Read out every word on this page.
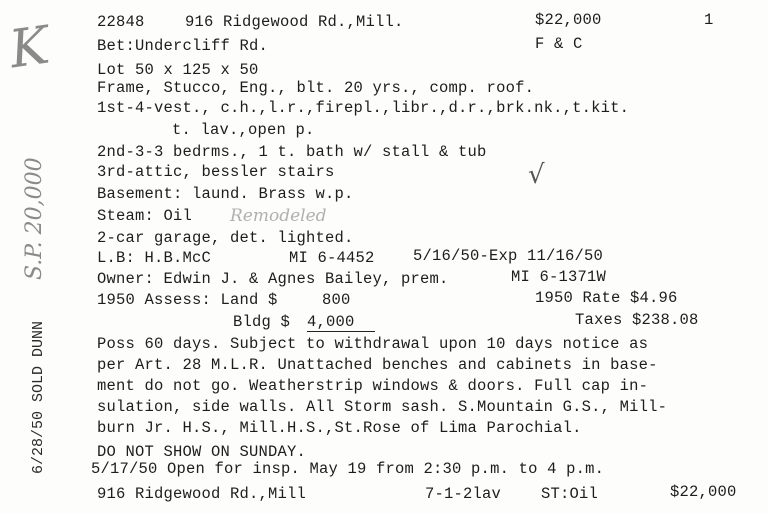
22848	916 Ridgewood Rd.,Mill.	$22,000	1
Bet:Undercliff Rd.	F & C
Lot 50 x 125 x 50
Frame, Stucco, Eng., blt. 20 yrs., comp. roof.
1st-4-vest., c.h.,l.r.,firepl.,libr.,d.r.,brk.nk.,t.kit.
t. lav.,open p.
2nd-3-3 bedrms., 1 t. bath w/ stall & tub
3rd-attic, bessler stairs
Basement: laund. Brass w.p.
Steam: Oil
2-car garage, det. lighted.
L.B: H.B.McC	MI 6-4452 5/16/50-Exp 11/16/50
Owner: Edwin J. & Agnes Bailey, prem.	MI 6-1371W
1950 Assess: Land $	800	1950 Rate $4.96
Bldg $ 4,000	Taxes $238.08
Poss 60 days. Subject to withdrawal upon 10 days notice as
per Art. 28 M.L.R. Unattached benches and cabinets in base-
ment do not go. Weatherstrip windows & doors. Full cap in-
sulation, side walls. All Storm sash. S.Mountain G.S., Mill-
burn Jr. H.S., Mill.H.S.,St.Rose of Lima Parochial.
DO NOT SHOW ON SUNDAY.
5/17/50 Open for insp. May 19 from 2:30 p.m. to 4 p.m.
916 Ridgewood Rd.,Mill	7-1-2lav	ST:Oil	$22,000
6/28/50 SOLD DUNN
S.P. 20,000
K
√
Remodeled
